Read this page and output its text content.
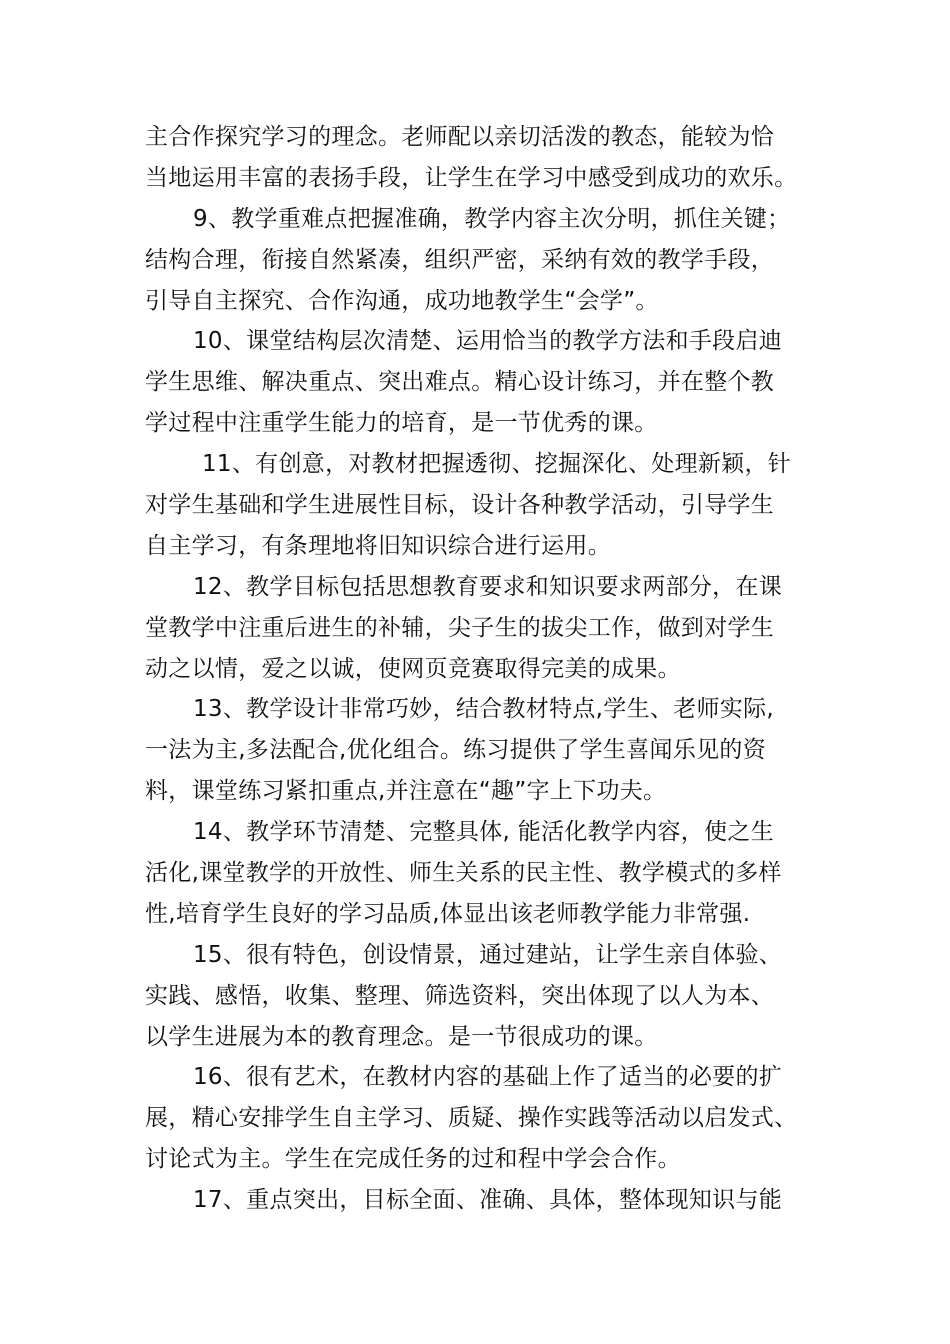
主合作探究学习的理念。老师配以亲切活泼的教态，能较为恰
当地运用丰富的表扬手段，让学生在学习中感受到成功的欢乐。
9、教学重难点把握准确，教学内容主次分明，抓住关键；
结构合理，衔接自然紧凑，组织严密，采纳有效的教学手段，
引导自主探究、合作沟通，成功地教学生“会学”。
10、课堂结构层次清楚、运用恰当的教学方法和手段启迪
学生思维、解决重点、突出难点。精心设计练习，并在整个教
学过程中注重学生能力的培育，是一节优秀的课。
11、有创意，对教材把握透彻、挖掘深化、处理新颖，针
对学生基础和学生进展性目标，设计各种教学活动，引导学生
自主学习，有条理地将旧知识综合进行运用。
12、教学目标包括思想教育要求和知识要求两部分，在课
堂教学中注重后进生的补辅，尖子生的拔尖工作，做到对学生
动之以情，爱之以诚，使网页竞赛取得完美的成果。
13、教学设计非常巧妙，结合教材特点,学生、老师实际,
一法为主,多法配合,优化组合。练习提供了学生喜闻乐见的资
料，课堂练习紧扣重点,并注意在“趣”字上下功夫。
14、教学环节清楚、完整具体, 能活化教学内容，使之生
活化,课堂教学的开放性、师生关系的民主性、教学模式的多样
性,培育学生良好的学习品质,体显出该老师教学能力非常强.
15、很有特色，创设情景，通过建站，让学生亲自体验、
实践、感悟，收集、整理、筛选资料，突出体现了以人为本、
以学生进展为本的教育理念。是一节很成功的课。
16、很有艺术，在教材内容的基础上作了适当的必要的扩
展，精心安排学生自主学习、质疑、操作实践等活动以启发式、
讨论式为主。学生在完成任务的过和程中学会合作。
17、重点突出，目标全面、准确、具体，整体现知识与能
